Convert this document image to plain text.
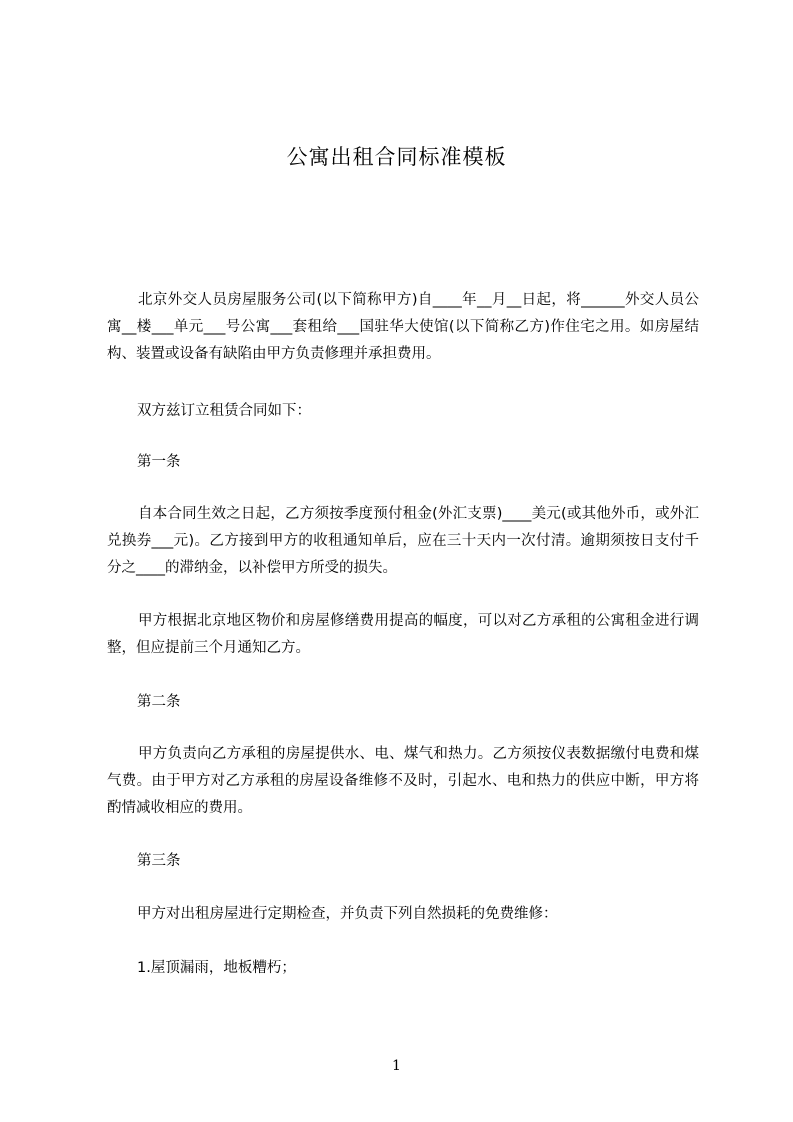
公寓出租合同标准模板
北京外交人员房屋服务公司(以下简称甲方)自____年__月__日起，将______外交人员公寓__楼___单元___号公寓___套租给___国驻华大使馆(以下简称乙方)作住宅之用。如房屋结构、装置或设备有缺陷由甲方负责修理并承担费用。
双方兹订立租赁合同如下：
第一条
自本合同生效之日起，乙方须按季度预付租金(外汇支票)____美元(或其他外币，或外汇兑换券___元)。乙方接到甲方的收租通知单后，应在三十天内一次付清。逾期须按日支付千分之____的滞纳金，以补偿甲方所受的损失。
甲方根据北京地区物价和房屋修缮费用提高的幅度，可以对乙方承租的公寓租金进行调整，但应提前三个月通知乙方。
第二条
甲方负责向乙方承租的房屋提供水、电、煤气和热力。乙方须按仪表数据缴付电费和煤气费。由于甲方对乙方承租的房屋设备维修不及时，引起水、电和热力的供应中断，甲方将酌情减收相应的费用。
第三条
甲方对出租房屋进行定期检查，并负责下列自然损耗的免费维修：
1.屋顶漏雨，地板糟朽；
1
